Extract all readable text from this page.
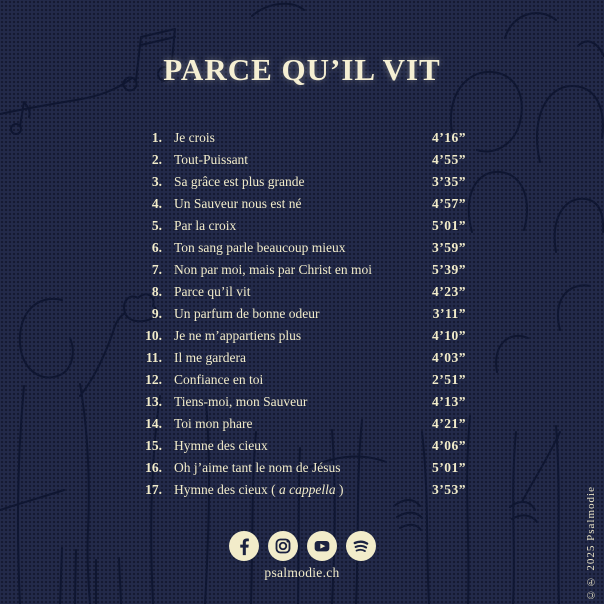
PARCE QU’IL VIT
1. Je crois	4’16”
2. Tout-Puissant	4’55”
3. Sa grâce est plus grande	3’35”
4. Un Sauveur nous est né	4’57”
5. Par la croix	5’01”
6. Ton sang parle beaucoup mieux	3’59”
7. Non par moi, mais par Christ en moi	5’39”
8. Parce qu’il vit	4’23”
9. Un parfum de bonne odeur	3’11”
10. Je ne m’appartiens plus	4’10”
11. Il me gardera	4’03”
12. Confiance en toi	2’51”
13. Tiens-moi, mon Sauveur	4’13”
14. Toi mon phare	4’21”
15. Hymne des cieux	4’06”
16. Oh j’aime tant le nom de Jésus	5’01”
17. Hymne des cieux ( a cappella )	3’53”
psalmodie.ch	©℗ 2025 Psalmodie
